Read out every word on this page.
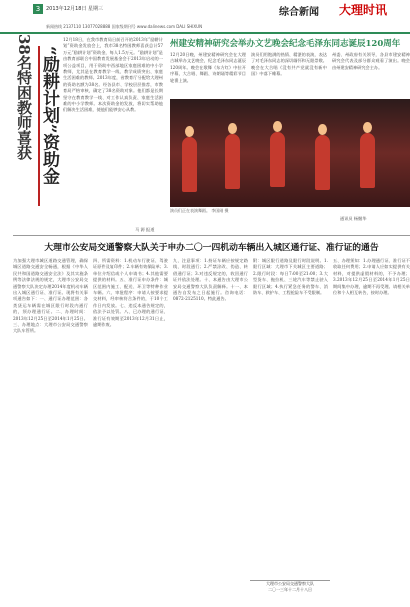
3	2013年12月18日 星期三	综合新闻 大理时讯
新闻热线 2137110 13077028888 国家级期刊号 www.dalinews.com DALI SHIXUN
38名特困教师喜获 “励耕计划”资助金
12月18日，在我市教育局日前召开的2013年“励耕计划”资助金发放会上，我市38名特困教师喜获总计57万元“励耕计划”资助金，每人1.5万元。“励耕计划”是由教育部联合中国教育发展基金会于2013年启动的一项公益项目，用于资助中西部地区家庭困难的中小学教师，尤其是在教育教学一线、教学成绩突出、家庭生活困难的教师。2013年度，省教育厅分配给大理州的资助名额为38名。经各县市、学校层层推荐，市教育局严格审核，确定了38名资助对象。他们都是长期坚守在教育教学一线、对工作认真负责、家庭生活困难的中小学教师。本次资助金的发放，将切实帮助他们解决生活困难，使他们能够安心从教。
马 源 报道
州建安精神研究会举办文艺晚会纪念毛泽东同志诞辰120周年
12月20日晚，州建安精神研究会在大理古城举办文艺晚会，纪念毛泽东同志诞辰120周年。晚会在歌舞《东方红》中拉开序幕，大合唱、舞蹈、诗朗诵等精彩节目轮番上演。
演员们用饱满的热情、精湛的表演，表达了对毛泽东同志的深切缅怀和无限崇敬。晚会在大合唱《没有共产党就没有新中国》中落下帷幕。
州委、州政府有关领导，各县市建安精神研究会代表及部分群众观看了演出。晚会由州建安精神研究会主办。
演员们正在表演舞蹈。 李国刚 摄
通讯员 杨继华
大理市公安局交通警察大队关于申办二〇一四机动车辆出入城区通行证、准行证的通告
为加强大理市城区道路交通管理，确保城区道路交通安全畅通，根据《中华人民共和国道路交通安全法》及其实施条例等法律法规的规定，大理市公安局交通警察大队决定办理2014年度机动车辆出入城区通行证、准行证。现将有关事项通告如下：一、通行证办理范围：各类货运车辆需在城区限行时段内通行的，须办理通行证。二、办理时间：2013年12月25日至2014年1月25日。三、办理地点：大理市公安局交通警察大队车管所。
四、所需资料：1.机动车行驶证、驾驶证原件及复印件；2.车辆有效保险单；3.单位介绍信或个人申请书；4.其他需要提供的材料。五、准行证申办条件：城区范围内施工、配送、环卫等特种作业车辆。六、审批程序：申请人按要求提交材料，经审核符合条件的，于10个工作日内发放。七、违反本通告规定的，依法予以处罚。八、已办理的通行证、准行证有效期至2013年12月31日止，逾期作废。
九、注意事项：1.持证车辆应按规定路线、时段通行；2.严禁涂改、伪造、转借通行证；3.对违反规定的，收回通行证并依法处理。十、本通告由大理市公安局交通警察大队负责解释。十一、本通告自发布之日起施行。咨询电话：0872-2125110。特此通告。
附：城区限行道路及限行时段说明。1.限行区域：大理市下关城区主要道路；2.限行时段：每日7:00至21:00；3.大型货车、拖拉机、三轮汽车等禁止驶入限行区域；4.执行紧急任务的警车、消防车、救护车、工程抢险车不受限制。
五、办理须知：1.办理通行证、准行证不收取任何费用；2.申请人应如实提供有关材料，对提供虚假材料的，不予办理；3.2013年12月25日至2014年1月25日期间集中办理，逾期不再受理。请相关单位和个人相互转告，按时办理。
大理市公安局交通警察大队
二〇一三年十二月十八日
